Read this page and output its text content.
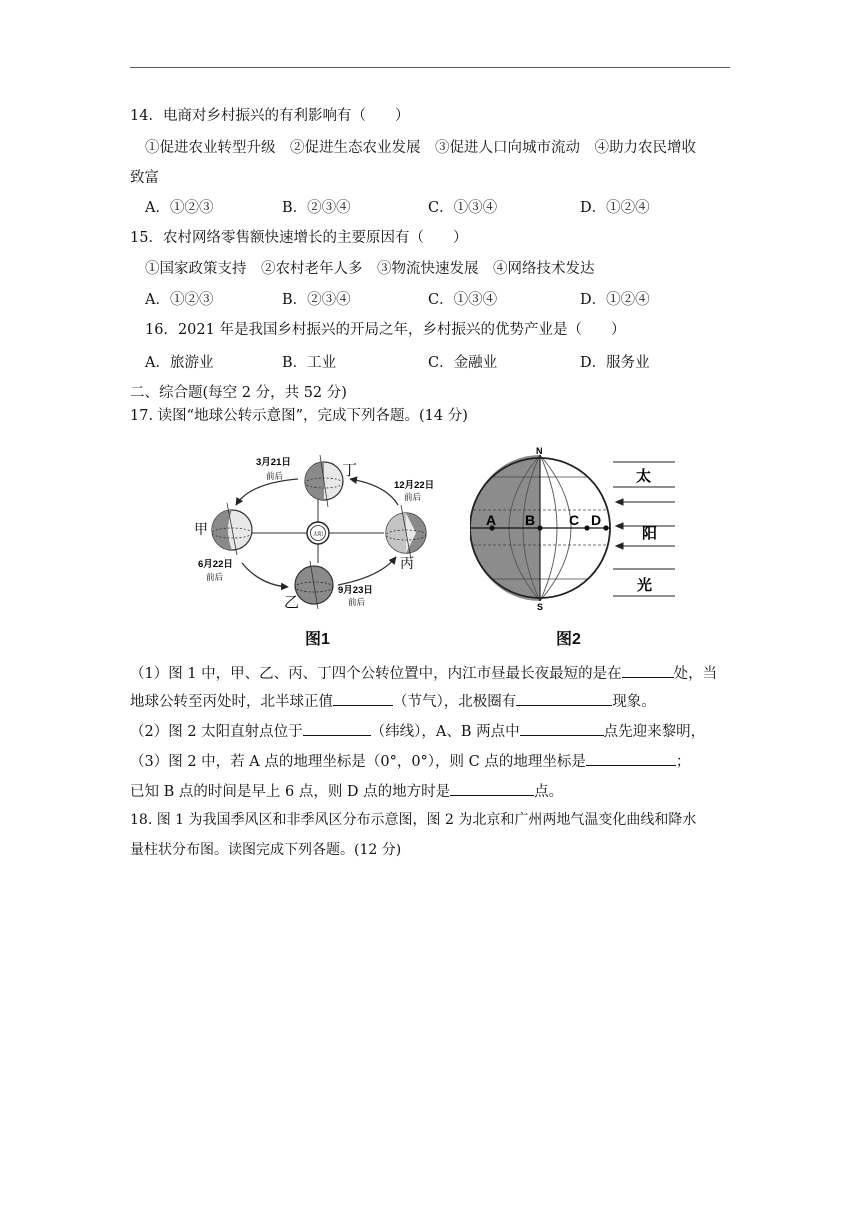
14．电商对乡村振兴的有利影响有（　　）
①促进农业转型升级　②促进生态农业发展　③促进人口向城市流动　④助力农民增收
致富
A．①②③	B．②③④	C．①③④	D．①②④
15．农村网络零售额快速增长的主要原因有（　　）
①国家政策支持　②农村老年人多　③物流快速发展　④网络技术发达
A．①②③	B．②③④	C．①③④	D．①②④
16．2021 年是我国乡村振兴的开局之年，乡村振兴的优势产业是（　　）
A．旅游业	B．工业	C．金融业	D．服务业
二、综合题(每空 2 分，共 52 分)
17. 读图“地球公转示意图”，完成下列各题。(14 分)
太阳
丁
3月21日
前后
12月22日
前后
甲
6月22日
前后
丙
9月23日
前后
乙
图1
A B C D
N
S
太
阳
光
图2
（1）图 1 中，甲、乙、丙、丁四个公转位置中，内江市昼最长夜最短的是在	处，当
地球公转至丙处时，北半球正值	（节气），北极圈有	现象。
（2）图 2 太阳直射点位于	（纬线），A、B 两点中	点先迎来黎明，
（3）图 2 中，若 A 点的地理坐标是（0°，0°），则 C 点的地理坐标是	；
已知 B 点的时间是早上 6 点，则 D 点的地方时是	点。
18. 图 1 为我国季风区和非季风区分布示意图，图 2 为北京和广州两地气温变化曲线和降水
量柱状分布图。读图完成下列各题。(12 分)
